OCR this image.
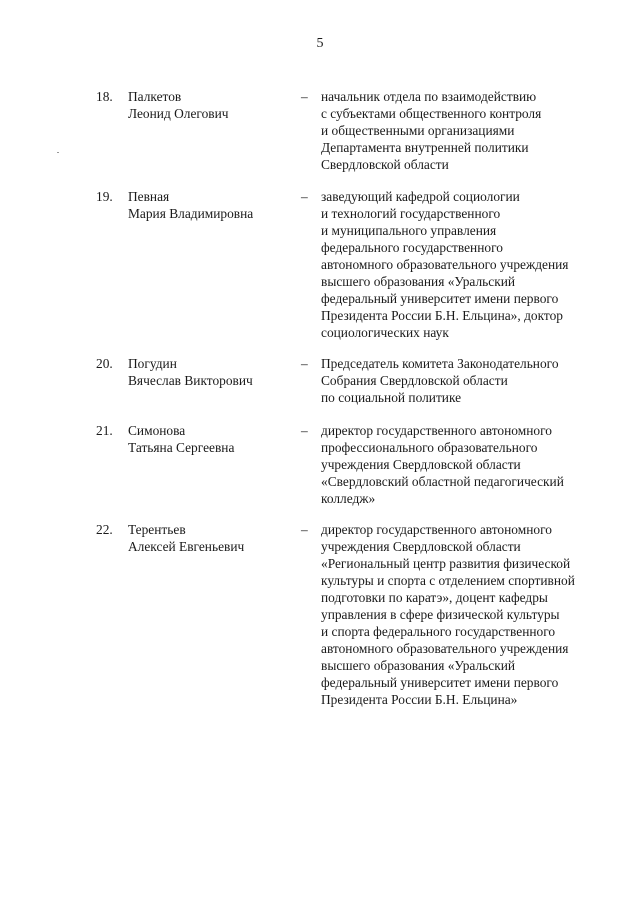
5
18.	Палкетов
Леонид Олегович
– начальник отдела по взаимодействию
с субъектами общественного контроля
и общественными организациями
Департамента внутренней политики
Свердловской области
19.	Певная
Мария Владимировна
– заведующий кафедрой социологии
и технологий государственного
и муниципального управления
федерального государственного
автономного образовательного учреждения
высшего образования «Уральский
федеральный университет имени первого
Президента России Б.Н. Ельцина», доктор
социологических наук
20.	Погудин
Вячеслав Викторович
– Председатель комитета Законодательного
Собрания Свердловской области
по социальной политике
21.	Симонова
Татьяна Сергеевна
– директор государственного автономного
профессионального образовательного
учреждения Свердловской области
«Свердловский областной педагогический
колледж»
22.	Терентьев
Алексей Евгеньевич
– директор государственного автономного
учреждения Свердловской области
«Региональный центр развития физической
культуры и спорта с отделением спортивной
подготовки по каратэ», доцент кафедры
управления в сфере физической культуры
и спорта федерального государственного
автономного образовательного учреждения
высшего образования «Уральский
федеральный университет имени первого
Президента России Б.Н. Ельцина»
